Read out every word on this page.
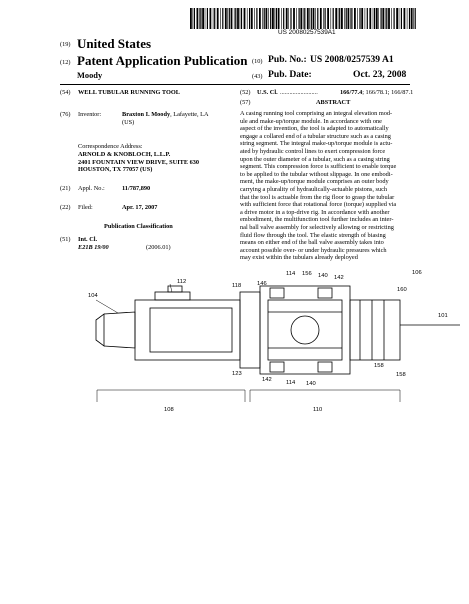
US 20080257539A1
(19) United States
(12) Patent Application Publication
Moody
(10) Pub. No.: US 2008/0257539 A1
(43) Pub. Date:	Oct. 23, 2008
(54) WELL TUBULAR RUNNING TOOL
(76) Inventor:	Braxton I. Moody, Lafayette, LA
(US)
Correspondence Address:
ARNOLD & KNOBLOCH, L.L.P.
2401 FOUNTAIN VIEW DRIVE, SUITE 630
HOUSTON, TX 77057 (US)
(21) Appl. No.:	11/787,890
(22) Filed:	Apr. 17, 2007
Publication Classification
(51) Int. Cl.
E21B 19/00	(2006.01)
(52) U.S. Cl. ........................	166/77.4; 166/78.1; 166/87.1
(57)	ABSTRACT
A casing running tool comprising an integral elevation mod-
ule and make-up/torque module. In accordance with one
aspect of the invention, the tool is adapted to automatically
engage a collared end of a tubular structure such as a casing
string segment. The integral make-up/torque module is actu-
ated by hydraulic control lines to exert compression force
upon the outer diameter of a tubular, such as a casing string
segment. This compression force is sufficient to enable torque
to be applied to the tubular without slippage. In one embodi-
ment, the make-up/torque module comprises an outer body
carrying a plurality of hydraulically-actuable pistons, such
that the tool is actuable from the rig floor to grasp the tubular
with sufficient force that rotational force (torque) supplied via
a drive motor in a top-drive rig. In accordance with another
embodiment, the multifunction tool further includes an inter-
nal ball valve assembly for selectively allowing or restricting
fluid flow through the tool. The elastic strength of biasing
means on either end of the ball valve assembly takes into
account possible over- or under hydraulic pressures which
may exist within the tubulars already deployed
104
112
114 156 140 142
106
118	146
160
101
123
142 114 140
158
108	110
158
